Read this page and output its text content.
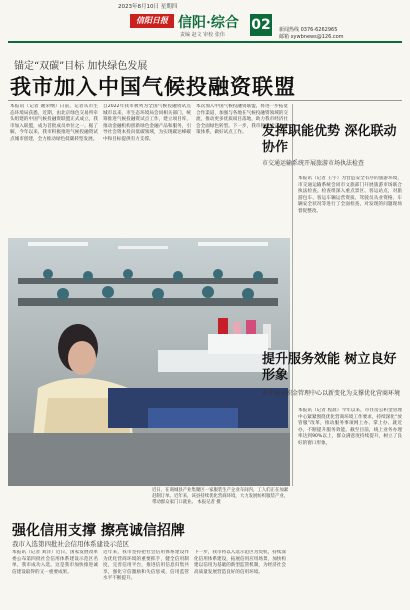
2023年8月10日 星期四
信阳日报 信阳·综合
责编 赵文 审校 张伟
02 新闻热线 0376-6262965
邮箱 xywbnews@126.com
锚定“双碳”目标 加快绿色发展
我市加入中国气候投融资联盟
本报讯（记者 谢荣纲）日前，记者从市生态环境局获悉，近期，由北京绿色交易所牵头组建的中国气候投融资联盟正式成立，我市加入联盟，成为首批成员单位之一。据了解，今年以来，我市积极推进气候投融资试点城市创建，全力推动绿色低碳转型发展。
自2022年我市被列为全国气候投融资试点城市以来，市生态环境局会同相关部门，统筹推进气候投融资试点工作，建立项目库，推动金融机构创新绿色金融产品和服务，引导社会资本投向低碳领域，为实现碳达峰碳中和目标提供有力支撑。
本次加入中国气候投融资联盟，将进一步拓宽合作渠道，加强与各地在气候投融资领域的交流，推动更多优质项目落地，助力我市经济社会全面绿色转型。下一步，我市将持续完善政策体系，做好试点工作。
近日，在商城县产业集聚区一家服装生产企业车间内，工人们正在加紧赶制订单。近年来，该县持续优化营商环境，大力发展纺织服装产业，带动群众家门口就业。 本报记者 摄
发挥职能优势 深化联动协作
市交通运输系统开展旅游市场执法检查
本报讯（记者 王宇）为营造安全有序的旅游环境，市交通运输系统会同市文旅部门开展旅游市场联合执法检查。检查组深入重点景区、客运站点，对旅游包车、客运车辆运营资质、驾驶员从业资格、车辆安全状况等进行了全面检查，对发现的问题现场督促整改。
提升服务效能 树立良好形象
市住房公积金管理中心以新变化为支撑优化营商环境
本报讯（记者 程晨）今年以来，市住房公积金管理中心紧紧围绕优化营商环境工作要求，持续深化“放管服”改革，推动服务事项网上办、掌上办、就近办，不断提升服务效能。截至目前，线上业务办理率达到90%以上，群众满意度持续提升，树立了良好的窗口形象。
强化信用支撑 擦亮诚信招牌
我市入选第四批社会信用体系建设示范区
本报讯（记者 刘洋）近日，国家发展改革委公布第四批社会信用体系建设示范区名单，我市成功入选。这是我市加快推进诚信建设取得的又一重要成果。
近年来，我市坚持把社会信用体系建设作为优化营商环境的重要抓手，健全信用制度，完善信用平台，推进信用信息归集共享，强化守信激励和失信惩戒，信用监管水平不断提升。
下一步，我市将以入选示范区为契机，持续深化信用体系建设，拓展信用应用场景，加快构建以信用为基础的新型监管机制，为经济社会高质量发展营造良好的信用环境。
